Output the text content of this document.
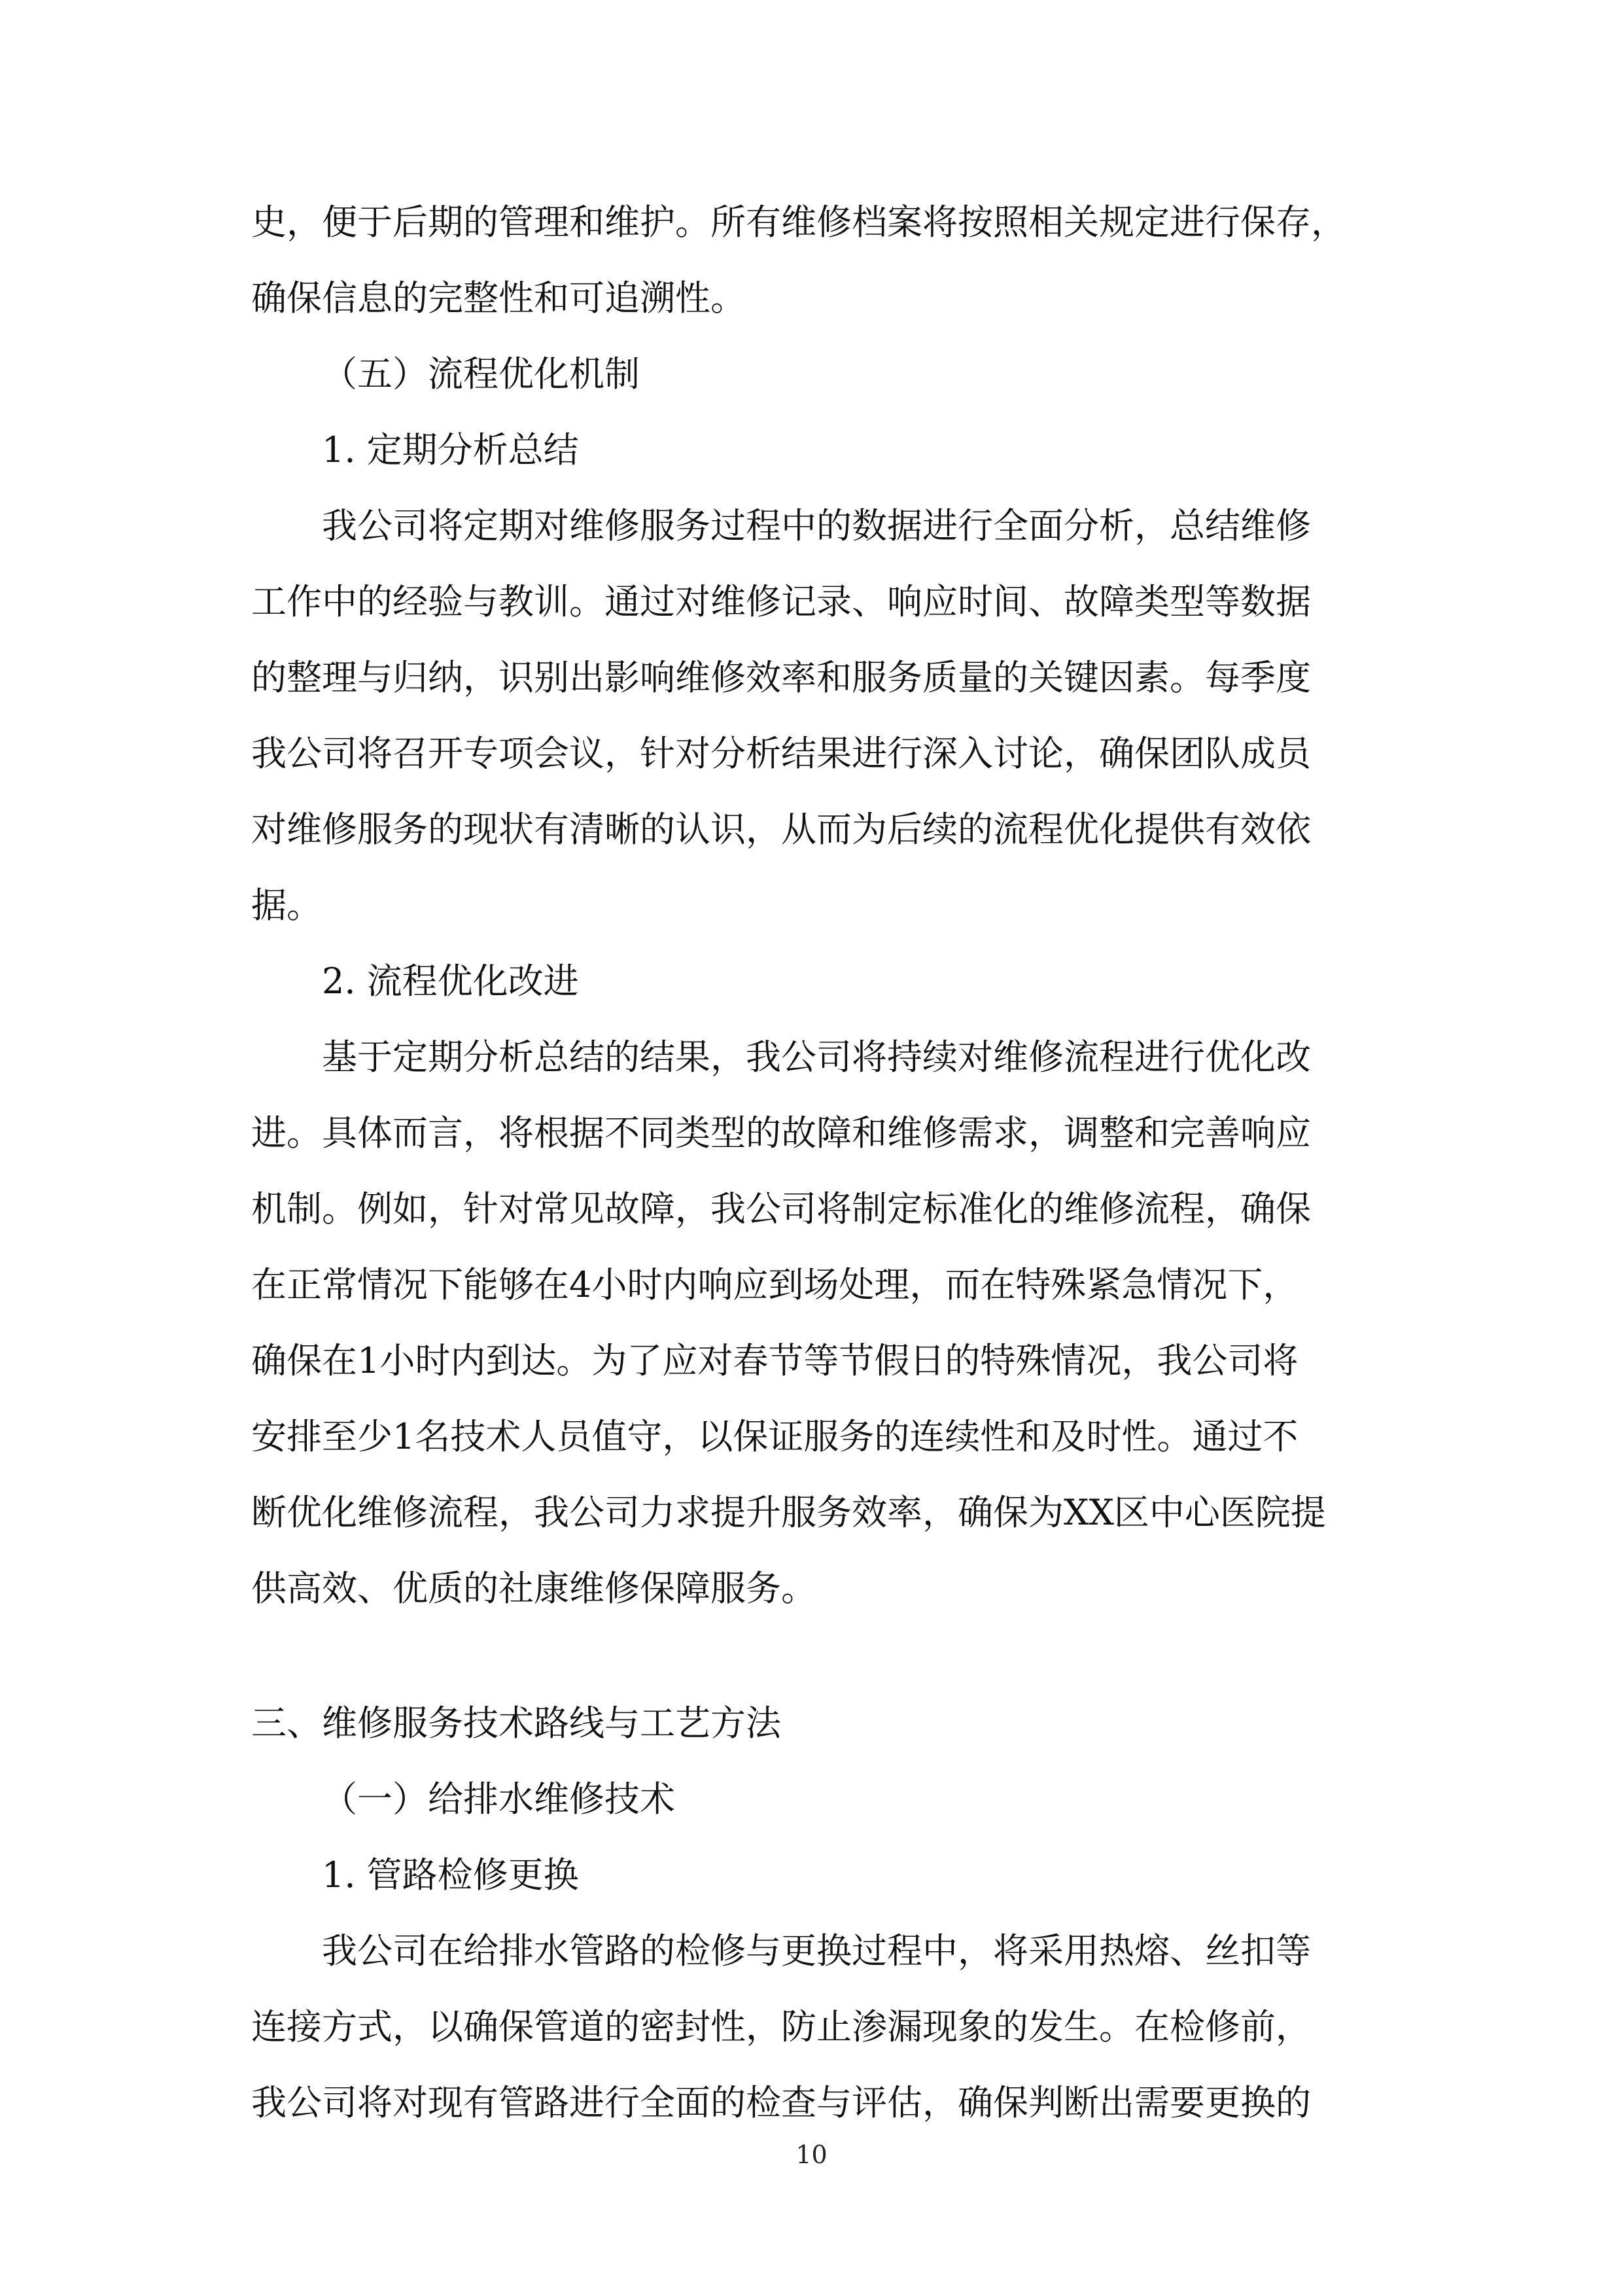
史，便于后期的管理和维护。所有维修档案将按照相关规定进行保存，

确保信息的完整性和可追溯性。

（五）流程优化机制

1. 定期分析总结

我公司将定期对维修服务过程中的数据进行全面分析，总结维修

工作中的经验与教训。通过对维修记录、响应时间、故障类型等数据

的整理与归纳，识别出影响维修效率和服务质量的关键因素。每季度

我公司将召开专项会议，针对分析结果进行深入讨论，确保团队成员

对维修服务的现状有清晰的认识，从而为后续的流程优化提供有效依

据。

2. 流程优化改进

基于定期分析总结的结果，我公司将持续对维修流程进行优化改

进。具体而言，将根据不同类型的故障和维修需求，调整和完善响应

机制。例如，针对常见故障，我公司将制定标准化的维修流程，确保

在正常情况下能够在4小时内响应到场处理，而在特殊紧急情况下，

确保在1小时内到达。为了应对春节等节假日的特殊情况，我公司将

安排至少1名技术人员值守，以保证服务的连续性和及时性。通过不

断优化维修流程，我公司力求提升服务效率，确保为XX区中心医院提

供高效、优质的社康维修保障服务。

三、维修服务技术路线与工艺方法

（一）给排水维修技术

1. 管路检修更换

我公司在给排水管路的检修与更换过程中，将采用热熔、丝扣等

连接方式，以确保管道的密封性，防止渗漏现象的发生。在检修前，

我公司将对现有管路进行全面的检查与评估，确保判断出需要更换的

10
